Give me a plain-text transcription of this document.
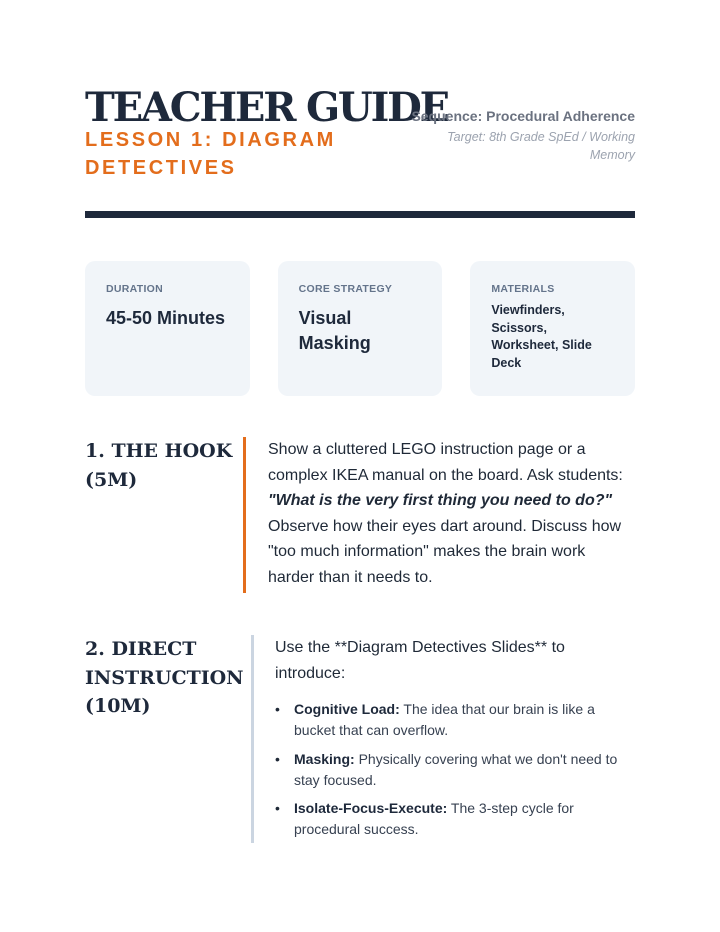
TEACHER GUIDE
LESSON 1: DIAGRAM DETECTIVES
Sequence: Procedural Adherence
Target: 8th Grade SpEd / Working Memory
DURATION
45-50 Minutes
CORE STRATEGY
Visual Masking
MATERIALS
Viewfinders, Scissors, Worksheet, Slide Deck
1. THE HOOK (5M)
Show a cluttered LEGO instruction page or a complex IKEA manual on the board. Ask students: "What is the very first thing you need to do?" Observe how their eyes dart around. Discuss how "too much information" makes the brain work harder than it needs to.
2. DIRECT INSTRUCTION (10M)

Use the **Diagram Detectives Slides** to introduce:

• Cognitive Load: The idea that our brain is like a bucket that can overflow.
• Masking: Physically covering what we don't need to stay focused.
• Isolate-Focus-Execute: The 3-step cycle for procedural success.
